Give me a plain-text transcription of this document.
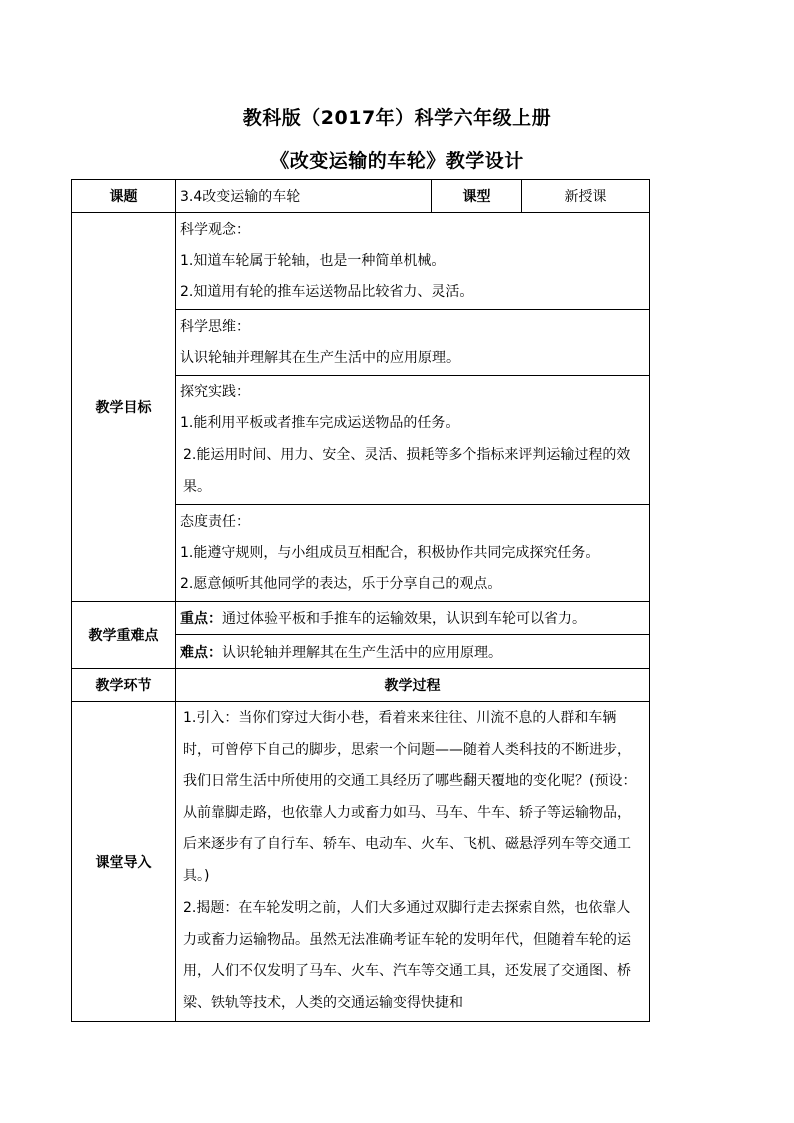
教科版（2017年）科学六年级上册
《改变运输的车轮》教学设计
课题	3.4改变运输的车轮	课型	新授课
教学目标	科学观念：
1.知道车轮属于轮轴，也是一种简单机械。
2.知道用有轮的推车运送物品比较省力、灵活。		

	科学思维：
认识轮轴并理解其在生产生活中的应用原理。		

	探究实践：
1.能利用平板或者推车完成运送物品的任务。
2.能运用时间、用力、安全、灵活、损耗等多个指标来评判运输过程的效果。		

	态度责任：
1.能遵守规则，与小组成员互相配合，积极协作共同完成探究任务。
2.愿意倾听其他同学的表达，乐于分享自己的观点。		

教学重难点	重点：通过体验平板和手推车的运输效果，认识到车轮可以省力。		
	难点：认识轮轴并理解其在生产生活中的应用原理。		
教学环节	教学过程		
课堂导入	1.引入：当你们穿过大街小巷，看着来来往往、川流不息的人群和车辆时，可曾停下自己的脚步，思索一个问题——随着人类科技的不断进步，我们日常生活中所使用的交通工具经历了哪些翻天覆地的变化呢？(预设：从前靠脚走路，也依靠人力或畜力如马、马车、牛车、轿子等运输物品，后来逐步有了自行车、轿车、电动车、火车、飞机、磁悬浮列车等交通工具。)
2.揭题：在车轮发明之前，人们大多通过双脚行走去探索自然，也依靠人力或畜力运输物品。虽然无法准确考证车轮的发明年代，但随着车轮的运用，人们不仅发明了马车、火车、汽车等交通工具，还发展了交通图、桥梁、铁轨等技术，人类的交通运输变得快捷和		
